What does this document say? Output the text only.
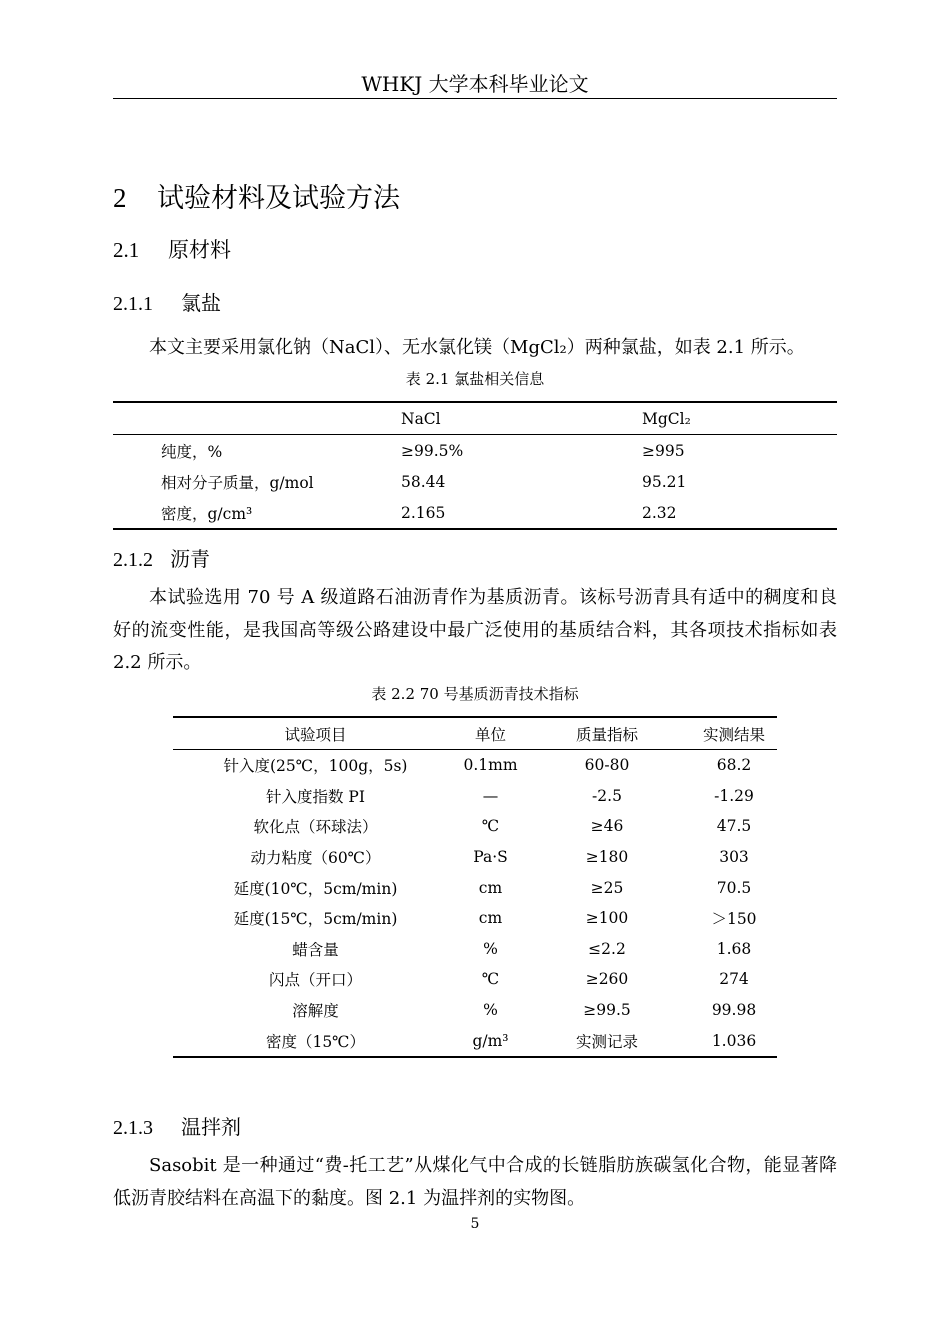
WHKJ 大学本科毕业论文
2 试验材料及试验方法
2.1 原材料
2.1.1 氯盐
本文主要采用氯化钠（NaCl）、无水氯化镁（MgCl₂）两种氯盐，如表 2.1 所示。
表 2.1 氯盐相关信息
	NaCl	MgCl₂
纯度，%	≥99.5%	≥995
相对分子质量，g/mol	58.44	95.21
密度，g/cm³	2.165	2.32
2.1.2 沥青
本试验选用 70 号 A 级道路石油沥青作为基质沥青。该标号沥青具有适中的稠度和良好的流变性能，是我国高等级公路建设中最广泛使用的基质结合料，其各项技术指标如表 2.2 所示。
表 2.2 70 号基质沥青技术指标
试验项目	单位	质量指标	实测结果
针入度(25℃，100g，5s)	0.1mm	60-80	68.2
针入度指数 PI	—	-2.5	-1.29
软化点（环球法）	℃	≥46	47.5
动力粘度（60℃）	Pa·S	≥180	303
延度(10℃，5cm/min)	cm	≥25	70.5
延度(15℃，5cm/min)	cm	≥100	＞150
蜡含量	%	≤2.2	1.68
闪点（开口）	℃	≥260	274
溶解度	%	≥99.5	99.98
密度（15℃）	g/m³	实测记录	1.036
2.1.3 温拌剂
Sasobit 是一种通过“费-托工艺”从煤化气中合成的长链脂肪族碳氢化合物，能显著降低沥青胶结料在高温下的黏度。图 2.1 为温拌剂的实物图。
5
